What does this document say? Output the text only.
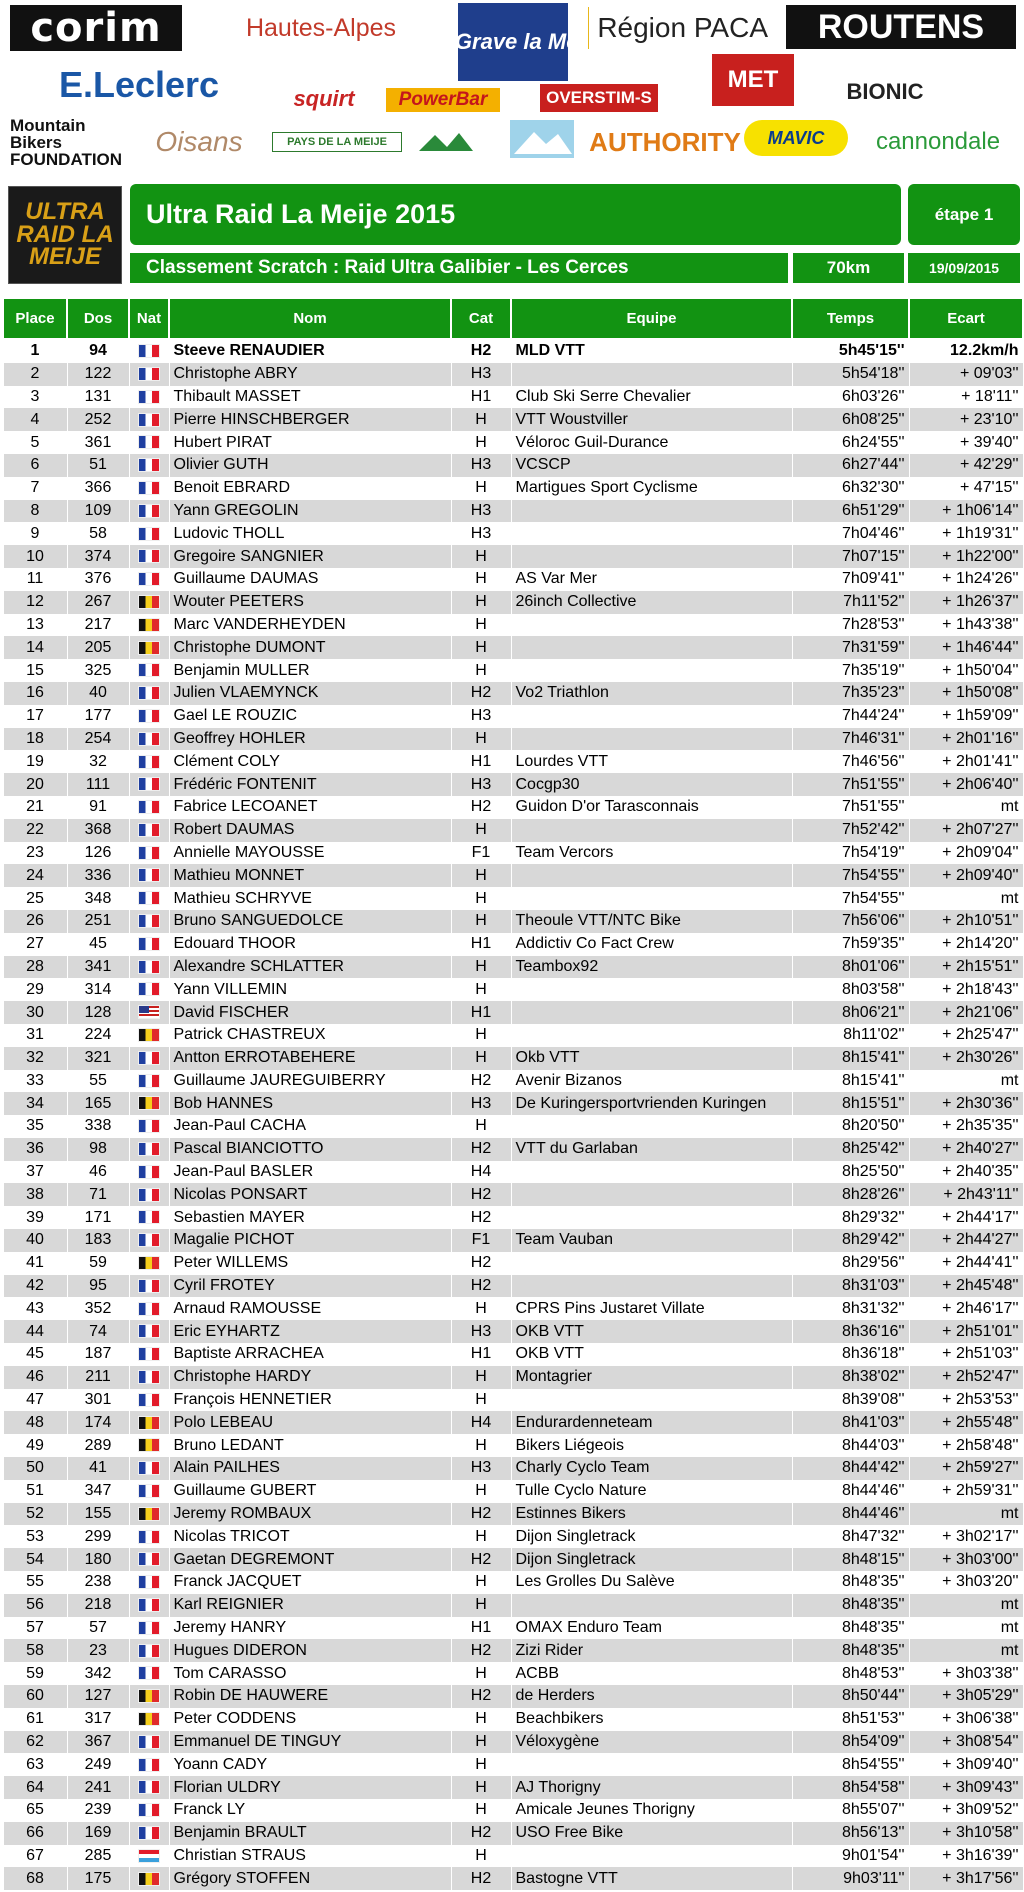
corim	Hautes-Alpes	La Grave la Meije
Région PACA	ROUTENS
E.Leclerc	squirt	PowerBar	OVERSTIM-S
MET	BIONIC
Mountain Bikers FOUNDATION
Oisans	PAYS DE LA MEIJE	AUTHORITY	MAVIC	cannondale
ULTRA RAID LA MEIJE
Ultra Raid La Meije 2015	étape 1
Classement Scratch : Raid Ultra Galibier - Les Cerces	70km	19/09/2015
Place	Dos	Nat	Nom	Cat	Equipe	Temps	Ecart
1	94		Steeve RENAUDIER	H2	MLD VTT	5h45'15''	12.2km/h
2	122		Christophe ABRY	H3		5h54'18''	+ 09'03''
3	131		Thibault MASSET	H1	Club Ski Serre Chevalier	6h03'26''	+ 18'11''
4	252		Pierre HINSCHBERGER	H	VTT Woustviller	6h08'25''	+ 23'10''
5	361		Hubert PIRAT	H	Véloroc Guil-Durance	6h24'55''	+ 39'40''
6	51		Olivier GUTH	H3	VCSCP	6h27'44''	+ 42'29''
7	366		Benoit EBRARD	H	Martigues Sport Cyclisme	6h32'30''	+ 47'15''
8	109		Yann GREGOLIN	H3		6h51'29''	+ 1h06'14''
9	58		Ludovic THOLL	H3		7h04'46''	+ 1h19'31''
10	374		Gregoire SANGNIER	H		7h07'15''	+ 1h22'00''
11	376		Guillaume DAUMAS	H	AS Var Mer	7h09'41''	+ 1h24'26''
12	267		Wouter PEETERS	H	26inch Collective	7h11'52''	+ 1h26'37''
13	217		Marc VANDERHEYDEN	H		7h28'53''	+ 1h43'38''
14	205		Christophe DUMONT	H		7h31'59''	+ 1h46'44''
15	325		Benjamin MULLER	H		7h35'19''	+ 1h50'04''
16	40		Julien VLAEMYNCK	H2	Vo2 Triathlon	7h35'23''	+ 1h50'08''
17	177		Gael LE ROUZIC	H3		7h44'24''	+ 1h59'09''
18	254		Geoffrey HOHLER	H		7h46'31''	+ 2h01'16''
19	32		Clément COLY	H1	Lourdes VTT	7h46'56''	+ 2h01'41''
20	111		Frédéric FONTENIT	H3	Cocgp30	7h51'55''	+ 2h06'40''
21	91		Fabrice LECOANET	H2	Guidon D'or Tarasconnais	7h51'55''	mt
22	368		Robert DAUMAS	H		7h52'42''	+ 2h07'27''
23	126		Annielle MAYOUSSE	F1	Team Vercors	7h54'19''	+ 2h09'04''
24	336		Mathieu MONNET	H		7h54'55''	+ 2h09'40''
25	348		Mathieu SCHRYVE	H		7h54'55''	mt
26	251		Bruno SANGUEDOLCE	H	Theoule VTT/NTC Bike	7h56'06''	+ 2h10'51''
27	45		Edouard THOOR	H1	Addictiv Co Fact Crew	7h59'35''	+ 2h14'20''
28	341		Alexandre SCHLATTER	H	Teambox92	8h01'06''	+ 2h15'51''
29	314		Yann VILLEMIN	H		8h03'58''	+ 2h18'43''
30	128		David FISCHER	H1		8h06'21''	+ 2h21'06''
31	224		Patrick CHASTREUX	H		8h11'02''	+ 2h25'47''
32	321		Antton ERROTABEHERE	H	Okb VTT	8h15'41''	+ 2h30'26''
33	55		Guillaume JAUREGUIBERRY	H2	Avenir Bizanos	8h15'41''	mt
34	165		Bob HANNES	H3	De Kuringersportvrienden Kuringen	8h15'51''	+ 2h30'36''
35	338		Jean-Paul CACHA	H		8h20'50''	+ 2h35'35''
36	98		Pascal BIANCIOTTO	H2	VTT du Garlaban	8h25'42''	+ 2h40'27''
37	46		Jean-Paul BASLER	H4		8h25'50''	+ 2h40'35''
38	71		Nicolas PONSART	H2		8h28'26''	+ 2h43'11''
39	171		Sebastien MAYER	H2		8h29'32''	+ 2h44'17''
40	183		Magalie PICHOT	F1	Team Vauban	8h29'42''	+ 2h44'27''
41	59		Peter WILLEMS	H2		8h29'56''	+ 2h44'41''
42	95		Cyril FROTEY	H2		8h31'03''	+ 2h45'48''
43	352		Arnaud RAMOUSSE	H	CPRS Pins Justaret Villate	8h31'32''	+ 2h46'17''
44	74		Eric EYHARTZ	H3	OKB VTT	8h36'16''	+ 2h51'01''
45	187		Baptiste ARRACHEA	H1	OKB VTT	8h36'18''	+ 2h51'03''
46	211		Christophe HARDY	H	Montagrier	8h38'02''	+ 2h52'47''
47	301		François HENNETIER	H		8h39'08''	+ 2h53'53''
48	174		Polo LEBEAU	H4	Endurardenneteam	8h41'03''	+ 2h55'48''
49	289		Bruno LEDANT	H	Bikers Liégeois	8h44'03''	+ 2h58'48''
50	41		Alain PAILHES	H3	Charly Cyclo Team	8h44'42''	+ 2h59'27''
51	347		Guillaume GUBERT	H	Tulle Cyclo Nature	8h44'46''	+ 2h59'31''
52	155		Jeremy ROMBAUX	H2	Estinnes Bikers	8h44'46''	mt
53	299		Nicolas TRICOT	H	Dijon Singletrack	8h47'32''	+ 3h02'17''
54	180		Gaetan DEGREMONT	H2	Dijon Singletrack	8h48'15''	+ 3h03'00''
55	238		Franck JACQUET	H	Les Grolles Du Salève	8h48'35''	+ 3h03'20''
56	218		Karl REIGNIER	H		8h48'35''	mt
57	57		Jeremy HANRY	H1	OMAX Enduro Team	8h48'35''	mt
58	23		Hugues DIDERON	H2	Zizi Rider	8h48'35''	mt
59	342		Tom CARASSO	H	ACBB	8h48'53''	+ 3h03'38''
60	127		Robin DE HAUWERE	H2	de Herders	8h50'44''	+ 3h05'29''
61	317		Peter CODDENS	H	Beachbikers	8h51'53''	+ 3h06'38''
62	367		Emmanuel DE TINGUY	H	Véloxygène	8h54'09''	+ 3h08'54''
63	249		Yoann CADY	H		8h54'55''	+ 3h09'40''
64	241		Florian ULDRY	H	AJ Thorigny	8h54'58''	+ 3h09'43''
65	239		Franck LY	H	Amicale Jeunes Thorigny	8h55'07''	+ 3h09'52''
66	169		Benjamin BRAULT	H2	USO Free Bike	8h56'13''	+ 3h10'58''
67	285		Christian STRAUS	H		9h01'54''	+ 3h16'39''
68	175		Grégory STOFFEN	H2	Bastogne VTT	9h03'11''	+ 3h17'56''
